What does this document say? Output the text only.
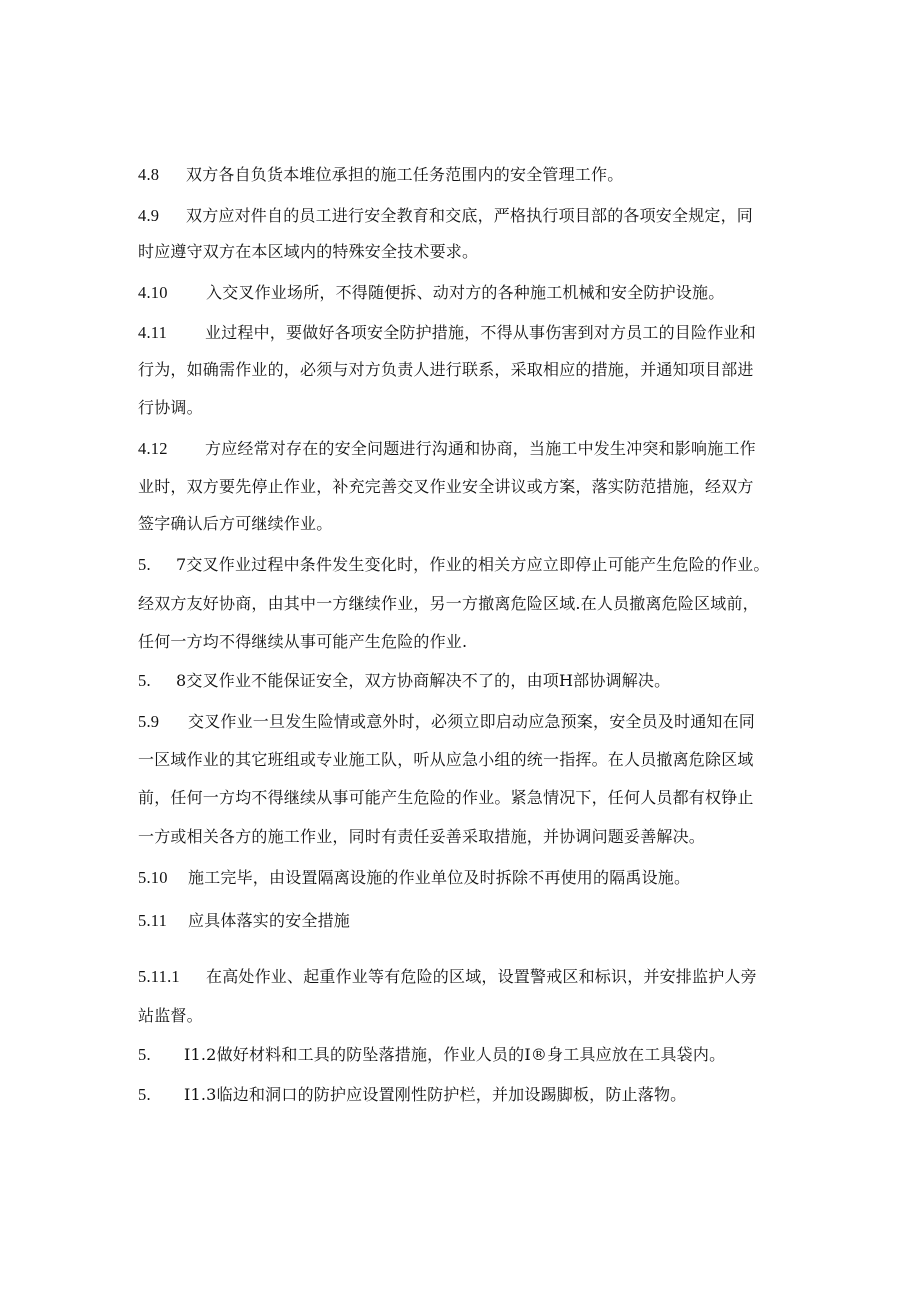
4.8 双方各自负货本堆位承担的施工任务范围内的安全管理工作。
4.9 双方应对件自的员工进行安全教育和交底，严格执行项目部的各项安全规定，同
时应遵守双方在本区域内的特殊安全技术要求。
4.10 入交叉作业场所，不得随便拆、动对方的各种施工机械和安全防护设施。
4.11 业过程中，要做好各项安全防护措施，不得从事伤害到对方员工的目险作业和
行为，如确需作业的，必须与对方负责人进行联系，采取相应的措施，并通知项目部进
行协调。
4.12 方应经常对存在的安全问题进行沟通和协商，当施工中发生冲突和影响施工作
业时，双方要先停止作业，补充完善交叉作业安全讲议或方案，落实防范措施，经双方
签字确认后方可继续作业。
5. 7交叉作业过程中条件发生变化时，作业的相关方应立即停止可能产生危险的作业。
经双方友好协商，由其中一方继续作业，另一方撤离危险区域.在人员撤离危险区域前，
任何一方均不得继续从事可能产生危险的作业.
5. 8交叉作业不能保证安全，双方协商解决不了的，由项H部协调解决。
5.9 交叉作业一旦发生险情或意外时，必须立即启动应急预案，安全员及时通知在同
一区域作业的其它班组或专业施工队，听从应急小组的统一指挥。在人员撤离危除区域
前，任何一方均不得继续从事可能产生危险的作业。紧急情况下，任何人员都有权铮止
一方或相关各方的施工作业，同时有责任妥善采取措施，并协调问题妥善解决。
5.10 施工完毕，由设置隔离设施的作业单位及时拆除不再使用的隔禹设施。
5.11 应具体落实的安全措施
5.11.1 在高处作业、起重作业等有危险的区域，设置警戒区和标识，并安排监护人旁
站监督。
5. I1.2做好材料和工具的防坠落措施，作业人员的I®身工具应放在工具袋内。
5. I1.3临边和洞口的防护应设置刚性防护栏，并加设踢脚板，防止落物。
